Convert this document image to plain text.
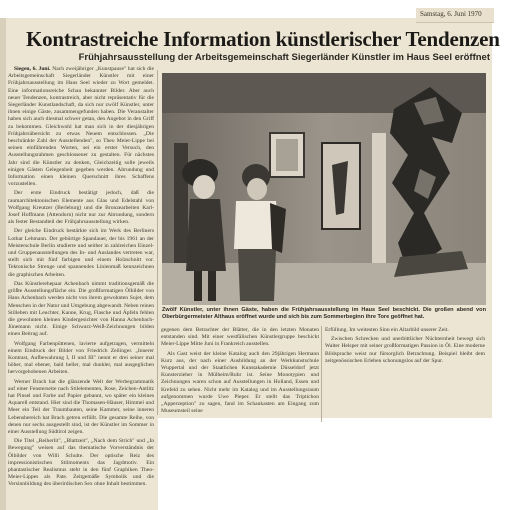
Samstag, 6. Juni 1970
Kontrastreiche Information künstlerischer Tendenzen
Frühjahrsausstellung der Arbeitsgemeinschaft Siegerländer Künstler im Haus Seel eröffnet

Siegen, 6. Juni. Nach zweijähriger „Kunstpause" hat sich die Arbeitsgemeinschaft Siegerländer Künstler mit einer Frühjahrsausstellung im Haus Seel wieder zu Wort gemeldet. Eine informationsreiche Schau bekannter Bilder. Aber auch neuer Tendenzen, kontrastreich, aber nicht repräsentativ für die Siegerländer Kunstlandschaft, da sich nur zwölf Künstler, unter ihnen einige Gäste, zusammengefunden haben. Die Veranstalter haben sich auch diesmal schwer getan, den Angebot in den Griff zu bekommen. Gleichwohl hat man sich in der diesjährigen Frühjahrsübersicht zu etwas Neuem entschlossen. „Die beschränkte Zahl der Ausstellenden", so Theo Meier-Lippe bei seinen einführenden Worten, sei ein erster Versuch, den Ausstellungsrahmen geschlossener zu gestalten. Für nächstes Jahr sind die Künstler zu denken, Gleichzeitig solle jeweils einigen Gästen Gelegenheit gegeben werden. Abrundung und Information einen kleinen Querschnitt ihres Schaffens vorzustellen.

Der erste Eindruck bestätigt jedoch, daß die raumarchitektonischen Elemente aus Glas und Edelstahl von Wolfgang Kreutzer (Berleburg) und die Bronzearbeiten Karl-Josef Hoffmann (Attendorn) nicht nur zur Abrundung, sondern als fester Bestandteil der Frühjahrsausstellung wirken.

Der gleiche Eindruck bestärkte sich im Werk des Berliners Lothar Lehmann. Der gebürtige Spandauer, der bis 1961 an der Meisterschule Berlin studierte und seither in zahlreichen Einzel- und Gruppenausstellungen des In- und Auslandes vertreten war, stellt sich mit fünf farbigen und einem Holzschnitt vor. Tektonische Strenge und spannendes Linienmaß kennzeichnen die graphischen Arbeiten.

Das Künstlerehepaar Achenbach nimmt traditionsgemäß die größte Ausstellungsfläche ein. Die großformatigen Ölbilder von Hans Achenbach werden nicht von ihrem gewohnten Sujet, dem Menschen in der Natur und Umgebung abgewandt. Neben reinen Stilleben mit Leuchter, Kanne, Krug, Flasche und Äpfeln fehlen die gewohnten kleinen Kindergesichter von Hanna Achenbach-Jünemann nicht. Einige Schwarz-Weiß-Zeichnungen bilden einen Beitrag auf.

Wolfgang Farbenpüttenen, lavierte aufgetragen, vermitteln einem Eindruck der Bilder von Friedrich Zeilinger. „Innerer Kontrast, Aufbewahrung I, II und III" nennt er drei seiner mal höher, mal ebener, bald heller, mal dunkler, mal ausgeglichen hervorgehobenen Arbeiten.

Werner Brach hat die glänzende Welt der Werbegrammatik auf einer Fensterseite nach Stilelementen, Rose, Zeichen-Antlitz hat Pinsel und Farbe auf Papier gebannt, wo später ein kleines Aquarell entstand. Hier sind die Thomasen-Häuser, Himmel und Meer ein Teil der Traumbauten, seine Kammer, seine inneren Lebensbereich hat Brach getreu erfüllt. Die gesamte Reihe, von denen nur sechs ausgestellt sind, ist der Künstler im Sommer in einer Ausstellung Südtirol zeigen.

Die Titel „Reiherlit", „Blattzeit", „Nach dem Strich" und „In Bewegung" weisen auf das thematische Vorverständnis der Ölbilder von Willi Schulte. Der optische Reiz des impressionistischen Stilmoments das Jagdmotiv. Ein phantastischer Realismus steht in den fünf Graphiken Theo-Meier-Lippes als Pate. Zeitgemäße Symbolik und die Versinnbildung des überirdischen Sex ohne Inhalt bestimmen.

Zwölf Künstler, unter ihnen Gäste, haben die Frühjahrsausstellung im Haus Seel beschickt. Die großen abend von Oberbürgermeister Althaus eröffnet wurde und sich bis zum Sommerbeginn ihre Tore geöffnet hat.

gegenen dem Betrachter der Blätter, die in den letzten Monaten entstanden sind. Mit einer westfälischen Künstlergruppe beschickt Meier-Lippe Mitte Juni in Frankreich ausstellen.

Als Gast weist der kleine Katalog auch den 29jährigen Hermann Kurz aus, der nach einer Ausbildung an der Werkkunstschule Wuppertal und der Staatlichen Kunstakademie Düsseldorf jetzt Kunsterzieher in Mülheim/Ruhr ist. Seine Monotypien und Zeichnungen waren schon auf Ausstellungen in Holland, Essen und Krefeld zu sehen. Nicht mehr im Katalog und im Ausstellungsraum aufgenommen wurde Uwe Pieper. Er stellt das Triptichon „Apperzeption" zu sagen, fand im Schaukasten am Eingang zum Museumsteil seine

Erfüllung. Im weitesten Sinn ein Altarbild unserer Zeit.

Zwischen Schrecken und unerbittlicher Nüchternheit bewegt sich Walter Helsper mit seiner großformatigen Passion in Öl. Eine moderne Bildsprache weist nur fürsorglich Betrachtung. Beispiel bleibt dem zeitgenössischen Erleben schonungslos auf der Spur.
